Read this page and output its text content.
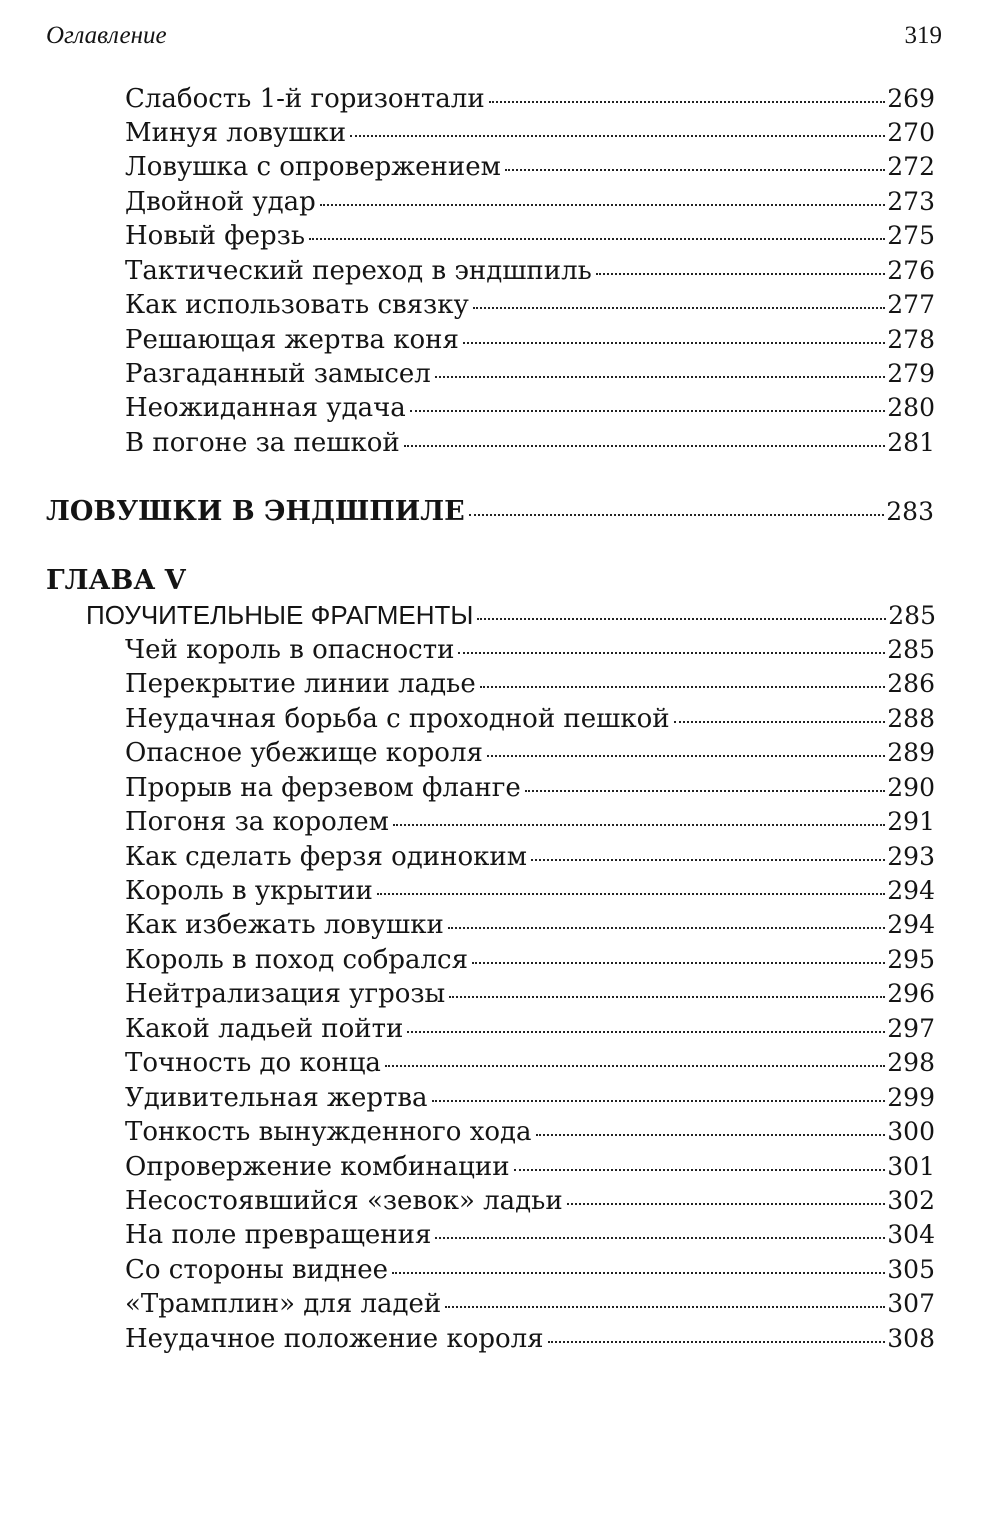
Оглавление	319
Слабость 1-й горизонтали	269
Минуя ловушки	270
Ловушка с опровержением	272
Двойной удар	273
Новый ферзь	275
Тактический переход в эндшпиль	276
Как использовать связку	277
Решающая жертва коня	278
Разгаданный замысел	279
Неожиданная удача	280
В погоне за пешкой	281
ЛОВУШКИ В ЭНДШПИЛЕ	283
ГЛАВА V
ПОУЧИТЕЛЬНЫЕ ФРАГМЕНТЫ	285
Чей король в опасности	285
Перекрытие линии ладье	286
Неудачная борьба с проходной пешкой	288
Опасное убежище короля	289
Прорыв на ферзевом фланге	290
Погоня за королем	291
Как сделать ферзя одиноким	293
Король в укрытии	294
Как избежать ловушки	294
Король в поход собрался	295
Нейтрализация угрозы	296
Какой ладьей пойти	297
Точность до конца	298
Удивительная жертва	299
Тонкость вынужденного хода	300
Опровержение комбинации	301
Несостоявшийся «зевок» ладьи	302
На поле превращения	304
Со стороны виднее	305
«Трамплин» для ладей	307
Неудачное положение короля	308
